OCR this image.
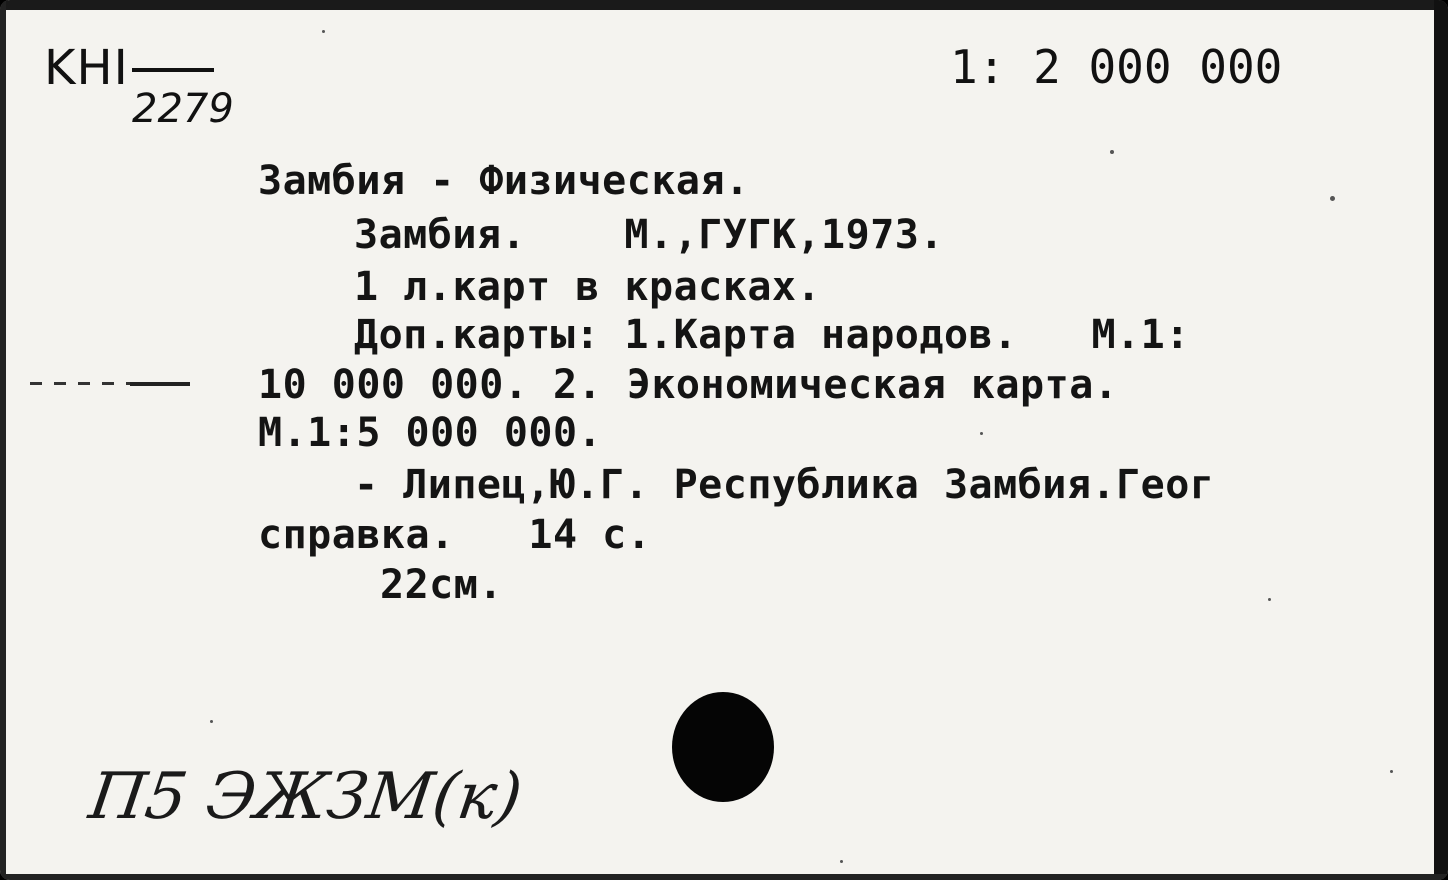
KHI
2279
1: 2 000 000
Замбия - Физическая.
Замбия.    М.,ГУГК,1973.
1 л.карт в красках.
Доп.карты: 1.Карта народов.   М.1:
10 000 000. 2. Экономическая карта.
М.1:5 000 000.
- Липец,Ю.Г. Республика Замбия.Геог
справка.   14 с.
22см.
П5 ЭЖЗМ(к)
